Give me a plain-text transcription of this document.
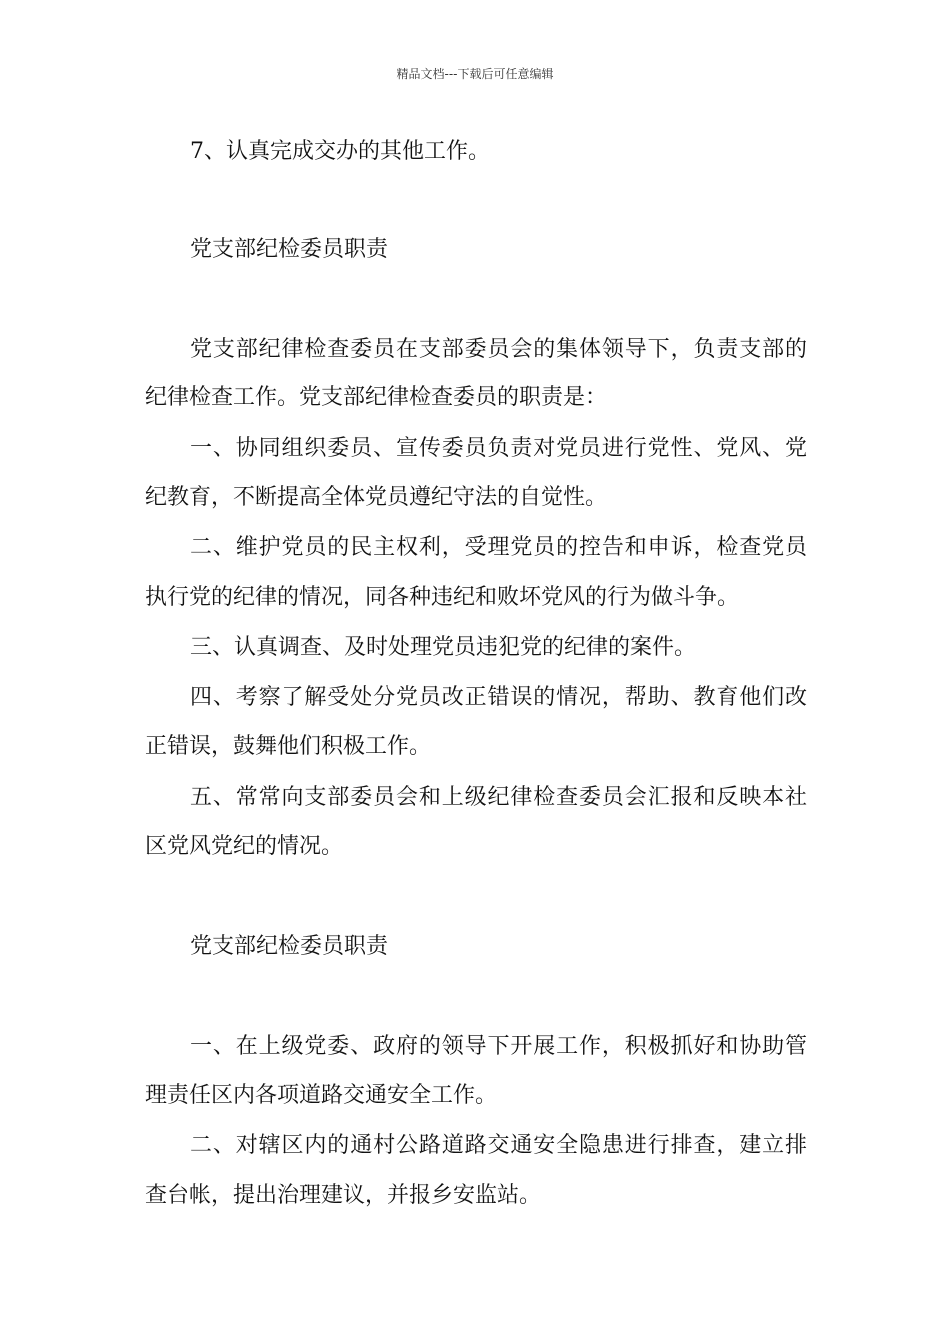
精品文档---下载后可任意编辑
7、认真完成交办的其他工作。
党支部纪检委员职责
党支部纪律检查委员在支部委员会的集体领导下，负责支部的
纪律检查工作。党支部纪律检查委员的职责是：
一、协同组织委员、宣传委员负责对党员进行党性、党风、党
纪教育，不断提高全体党员遵纪守法的自觉性。
二、维护党员的民主权利，受理党员的控告和申诉，检查党员
执行党的纪律的情况，同各种违纪和败坏党风的行为做斗争。
三、认真调查、及时处理党员违犯党的纪律的案件。
四、考察了解受处分党员改正错误的情况，帮助、教育他们改
正错误，鼓舞他们积极工作。
五、常常向支部委员会和上级纪律检查委员会汇报和反映本社
区党风党纪的情况。
党支部纪检委员职责
一、在上级党委、政府的领导下开展工作，积极抓好和协助管
理责任区内各项道路交通安全工作。
二、对辖区内的通村公路道路交通安全隐患进行排查，建立排
查台帐，提出治理建议，并报乡安监站。
